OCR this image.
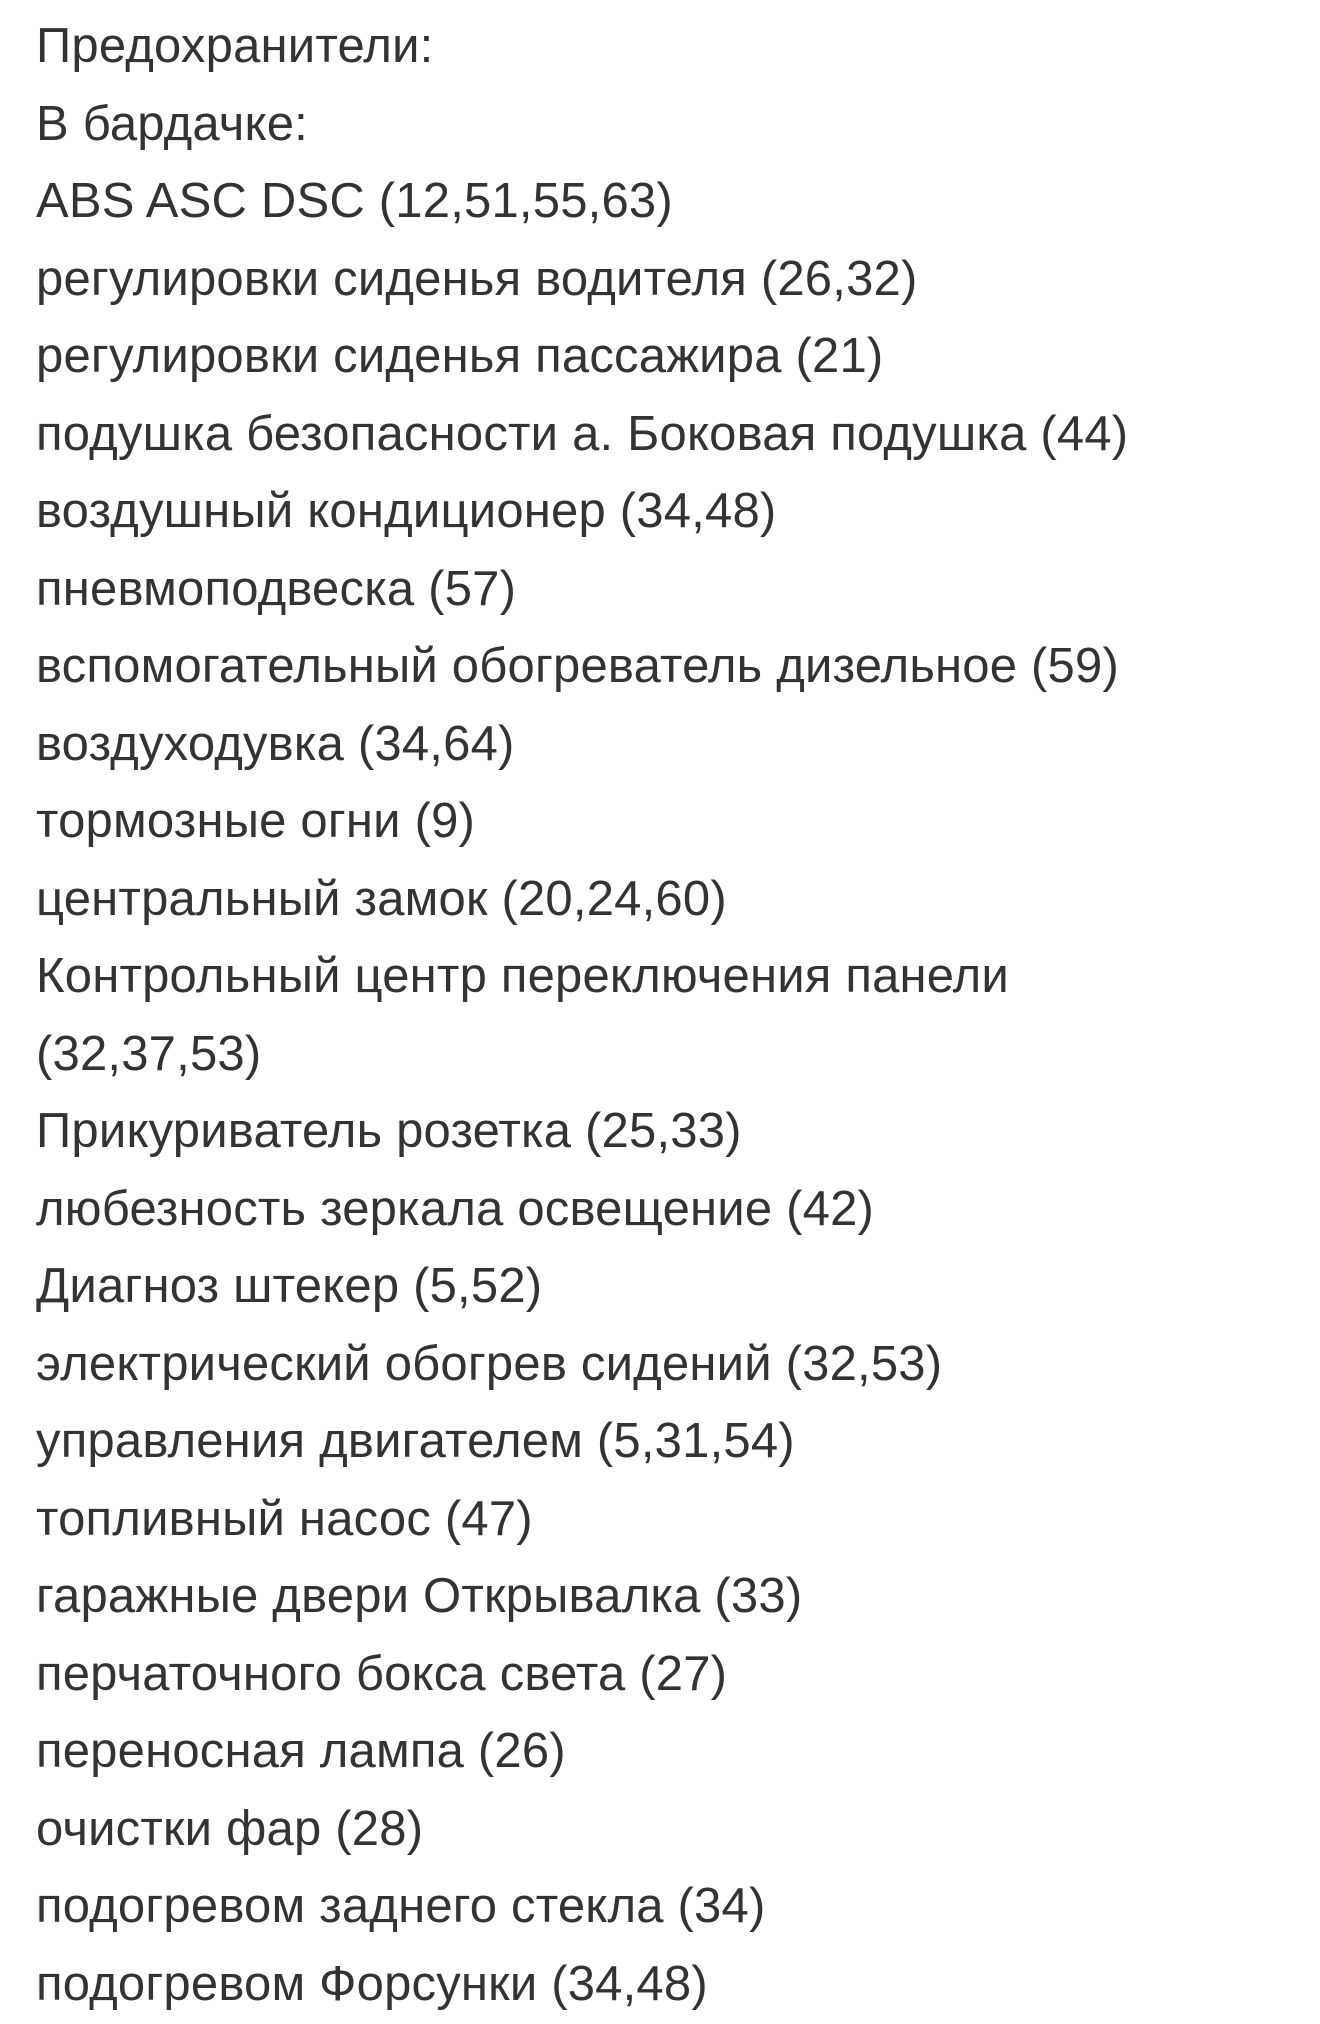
Предохранители:
В бардачке:
ABS ASC DSC (12,51,55,63)
регулировки сиденья водителя (26,32)
регулировки сиденья пассажира (21)
подушка безопасности а. Боковая подушка (44)
воздушный кондиционер (34,48)
пневмоподвеска (57)
вспомогательный обогреватель дизельное (59)
воздуходувка (34,64)
тормозные огни (9)
центральный замок (20,24,60)
Контрольный центр переключения панели (32,37,53)
Прикуриватель розетка (25,33)
любезность зеркала освещение (42)
Диагноз штекер (5,52)
электрический обогрев сидений (32,53)
управления двигателем (5,31,54)
топливный насос (47)
гаражные двери Открывалка (33)
перчаточного бокса света (27)
переносная лампа (26)
очистки фар (28)
подогревом заднего стекла (34)
подогревом Форсунки (34,48)
